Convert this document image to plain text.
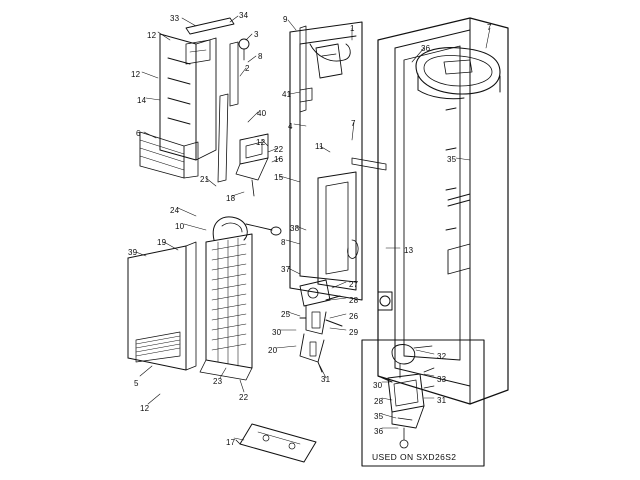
33	34	9
1	7
12	3
36
8
2
12
14
41
40
4	7
6
12
22	11
16	35
15
21
18
24
10	38
8
13
39
19
37
27
28
25	26
29
30
20
31
5	23
22
12
17
32
33
30
28	31
35
36
USED ON SXD26S2
